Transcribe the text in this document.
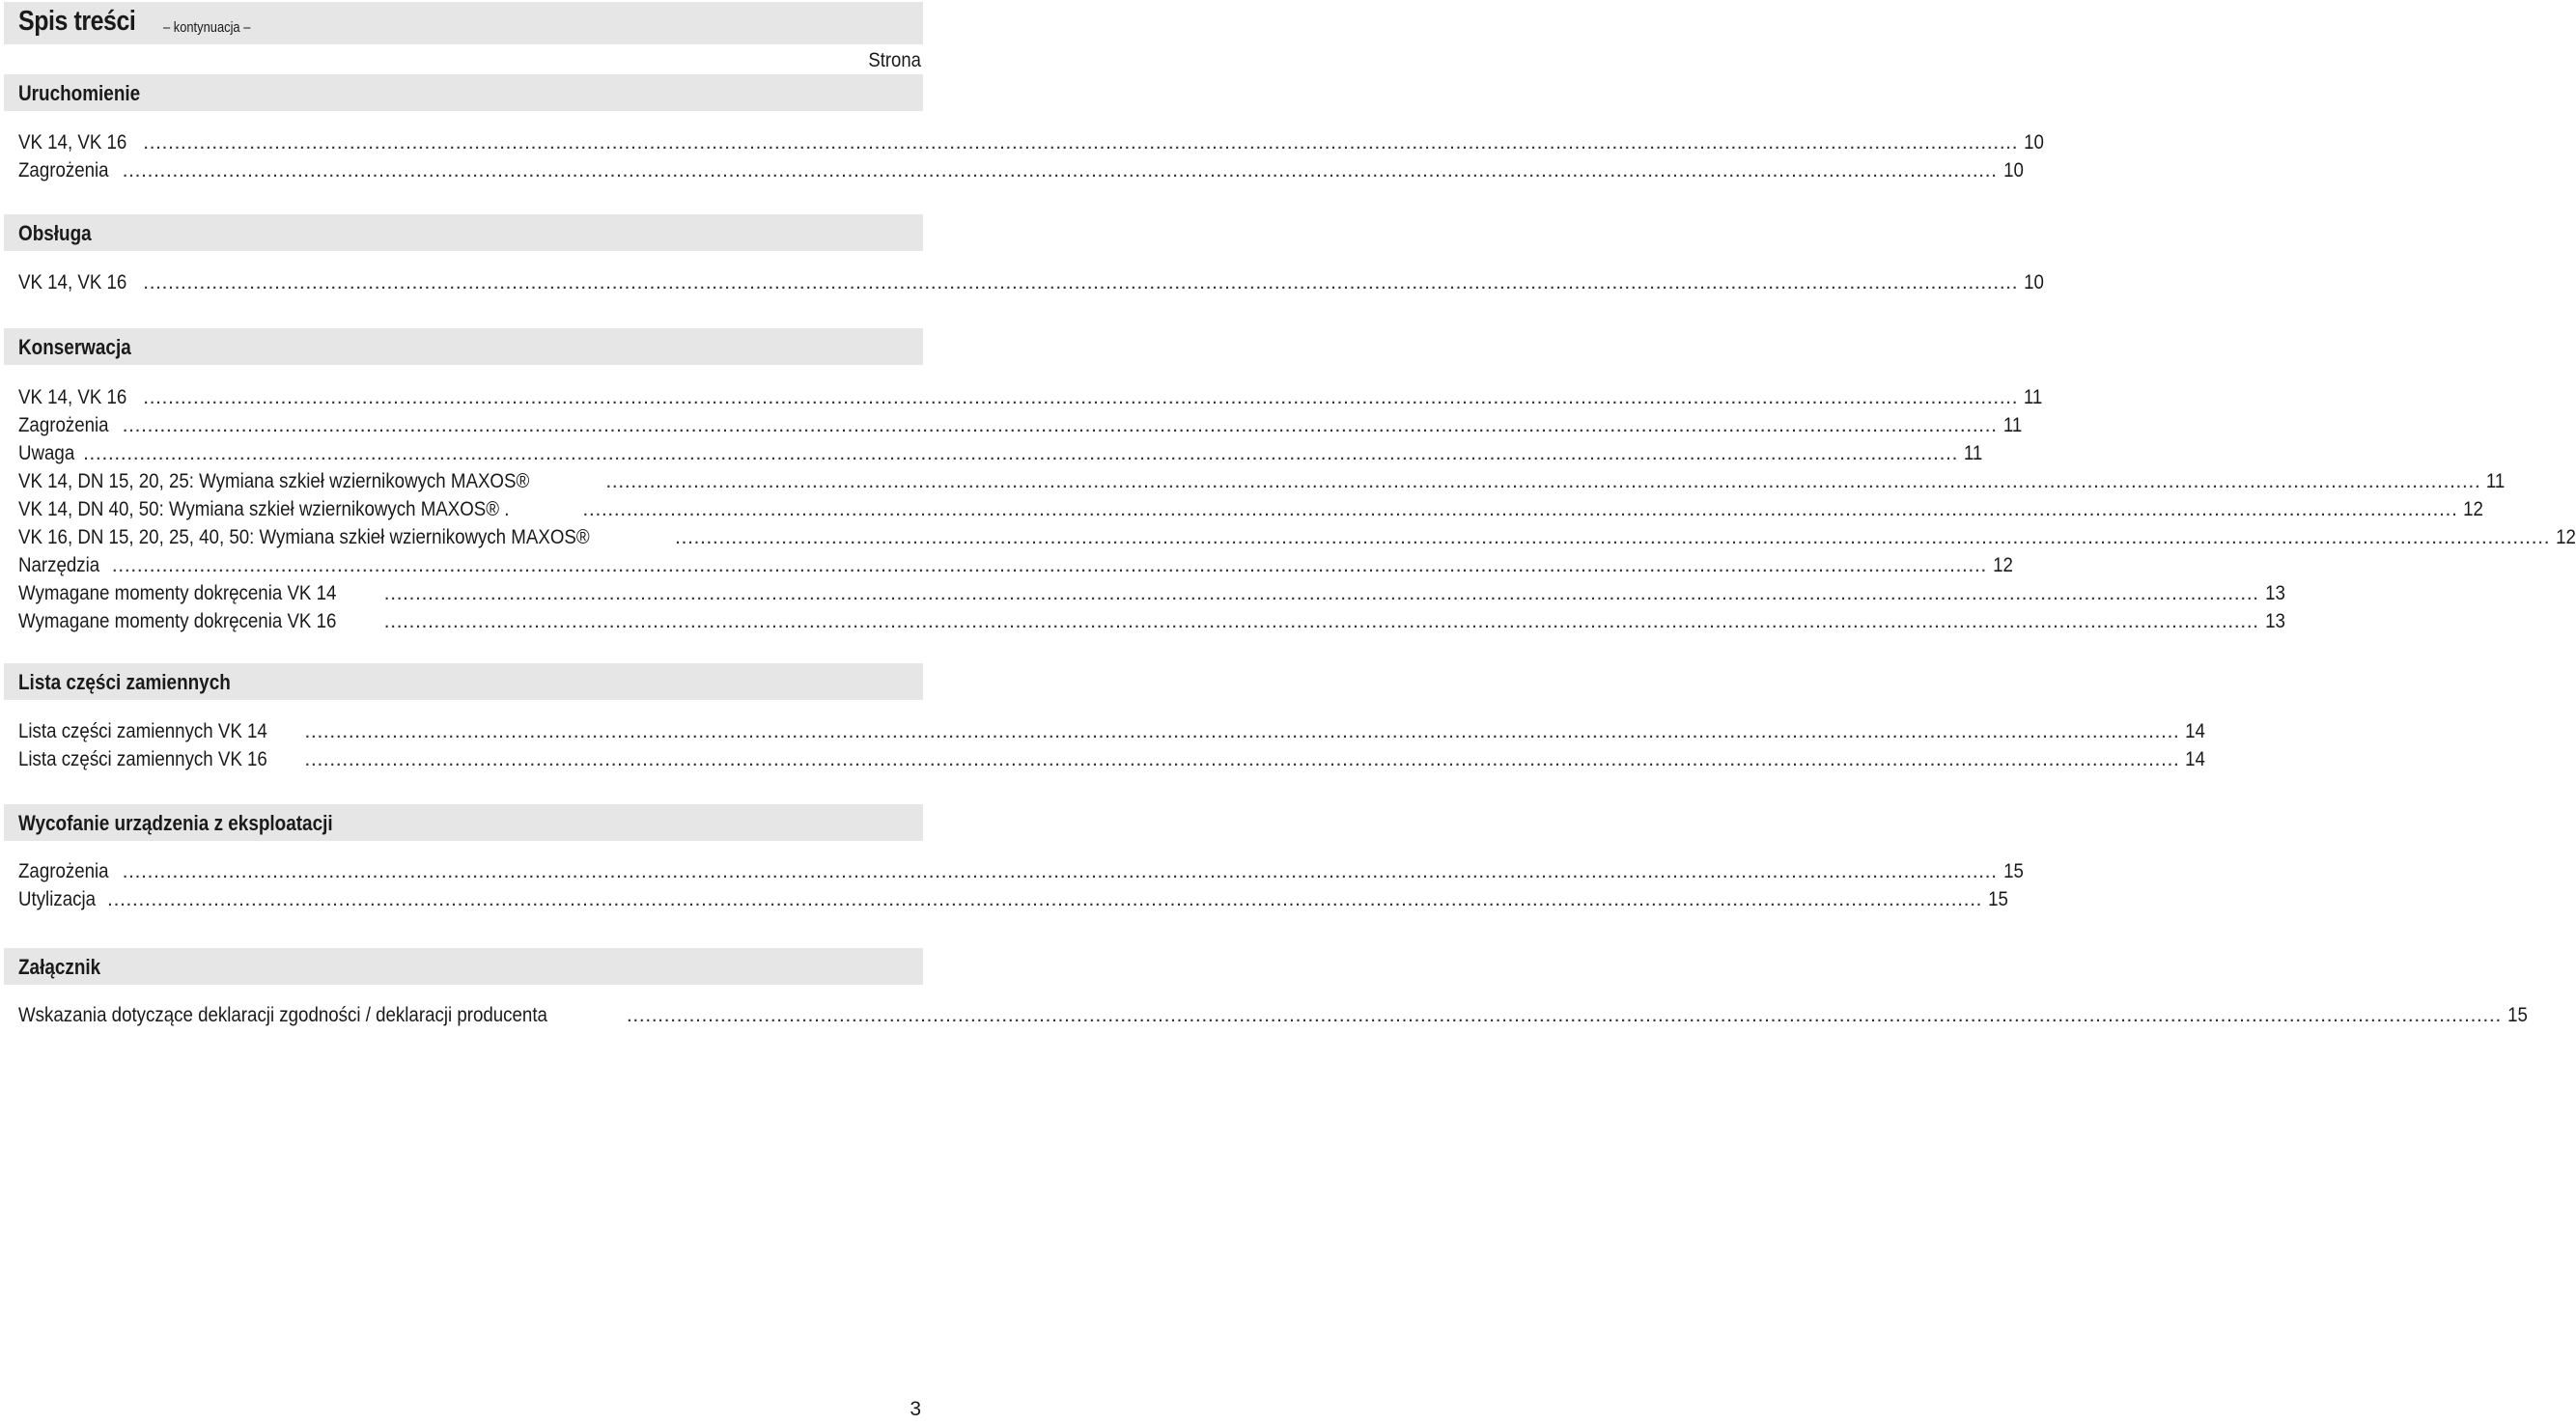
Spis treści – kontynuacja –
Strona
Uruchomienie
VK 14, VK 16 ............................................................................................................................................................................................................................................................................................................ 10
Zagrożenia ............................................................................................................................................................................................................................................................................................................ 10
Obsługa
VK 14, VK 16 ............................................................................................................................................................................................................................................................................................................ 10
Konserwacja
VK 14, VK 16 ............................................................................................................................................................................................................................................................................................................ 11
Zagrożenia ............................................................................................................................................................................................................................................................................................................ 11
Uwaga ............................................................................................................................................................................................................................................................................................................ 11
VK 14, DN 15, 20, 25: Wymiana szkieł wziernikowych MAXOS®	............................................................................................................................................................................................................................................................................................................ 11
VK 14, DN 40, 50: Wymiana szkieł wziernikowych MAXOS® .	............................................................................................................................................................................................................................................................................................................ 12
VK 16, DN 15, 20, 25, 40, 50: Wymiana szkieł wziernikowych MAXOS®	............................................................................................................................................................................................................................................................................................................ 12
Narzędzia ............................................................................................................................................................................................................................................................................................................ 12
Wymagane momenty dokręcenia VK 14 ............................................................................................................................................................................................................................................................................................................ 13
Wymagane momenty dokręcenia VK 16 ............................................................................................................................................................................................................................................................................................................ 13
Lista części zamiennych
Lista części zamiennych VK 14 ............................................................................................................................................................................................................................................................................................................ 14
Lista części zamiennych VK 16 ............................................................................................................................................................................................................................................................................................................ 14
Wycofanie urządzenia z eksploatacji
Zagrożenia ............................................................................................................................................................................................................................................................................................................ 15
Utylizacja ............................................................................................................................................................................................................................................................................................................ 15
Załącznik
Wskazania dotyczące deklaracji zgodności / deklaracji producenta	............................................................................................................................................................................................................................................................................................................ 15
3
